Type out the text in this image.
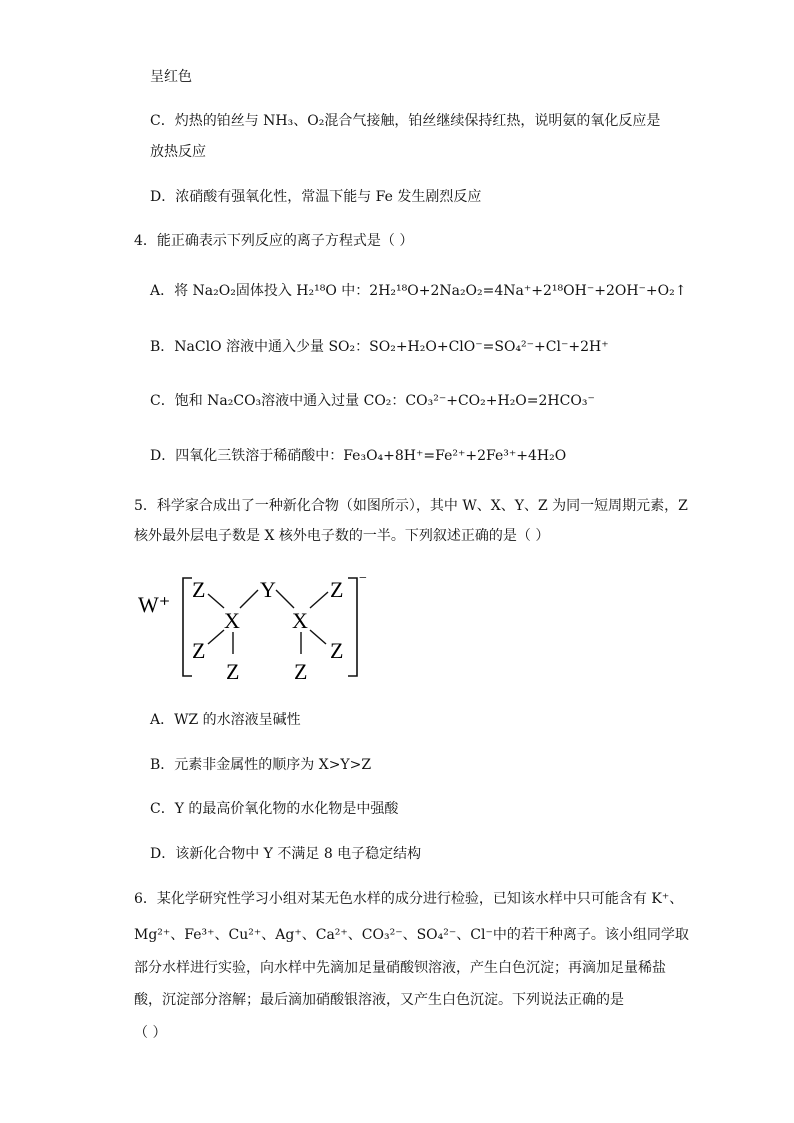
呈红色
C．灼热的铂丝与 NH₃、O₂混合气接触，铂丝继续保持红热，说明氨的氧化反应是
放热反应
D．浓硝酸有强氧化性，常温下能与 Fe 发生剧烈反应
4．能正确表示下列反应的离子方程式是（ ）
A．将 Na₂O₂固体投入 H₂¹⁸O 中：2H₂¹⁸O+2Na₂O₂=4Na⁺+2¹⁸OH⁻+2OH⁻+O₂↑
B．NaClO 溶液中通入少量 SO₂：SO₂+H₂O+ClO⁻=SO₄²⁻+Cl⁻+2H⁺
C．饱和 Na₂CO₃溶液中通入过量 CO₂：CO₃²⁻+CO₂+H₂O=2HCO₃⁻
D．四氧化三铁溶于稀硝酸中：Fe₃O₄+8H⁺=Fe²⁺+2Fe³⁺+4H₂O
5．科学家合成出了一种新化合物（如图所示），其中 W、X、Y、Z 为同一短周期元素，Z
核外最外层电子数是 X 核外电子数的一半。下列叙述正确的是（ ）
W⁺
−
Z Y Z
X X
Z	Z
Z Z
A．WZ 的水溶液呈碱性
B．元素非金属性的顺序为 X>Y>Z
C．Y 的最高价氧化物的水化物是中强酸
D．该新化合物中 Y 不满足 8 电子稳定结构
6．某化学研究性学习小组对某无色水样的成分进行检验，已知该水样中只可能含有 K⁺、
Mg²⁺、Fe³⁺、Cu²⁺、Ag⁺、Ca²⁺、CO₃²⁻、SO₄²⁻、Cl⁻中的若干种离子。该小组同学取
部分水样进行实验，向水样中先滴加足量硝酸钡溶液，产生白色沉淀；再滴加足量稀盐
酸，沉淀部分溶解；最后滴加硝酸银溶液，又产生白色沉淀。下列说法正确的是
（ ）
